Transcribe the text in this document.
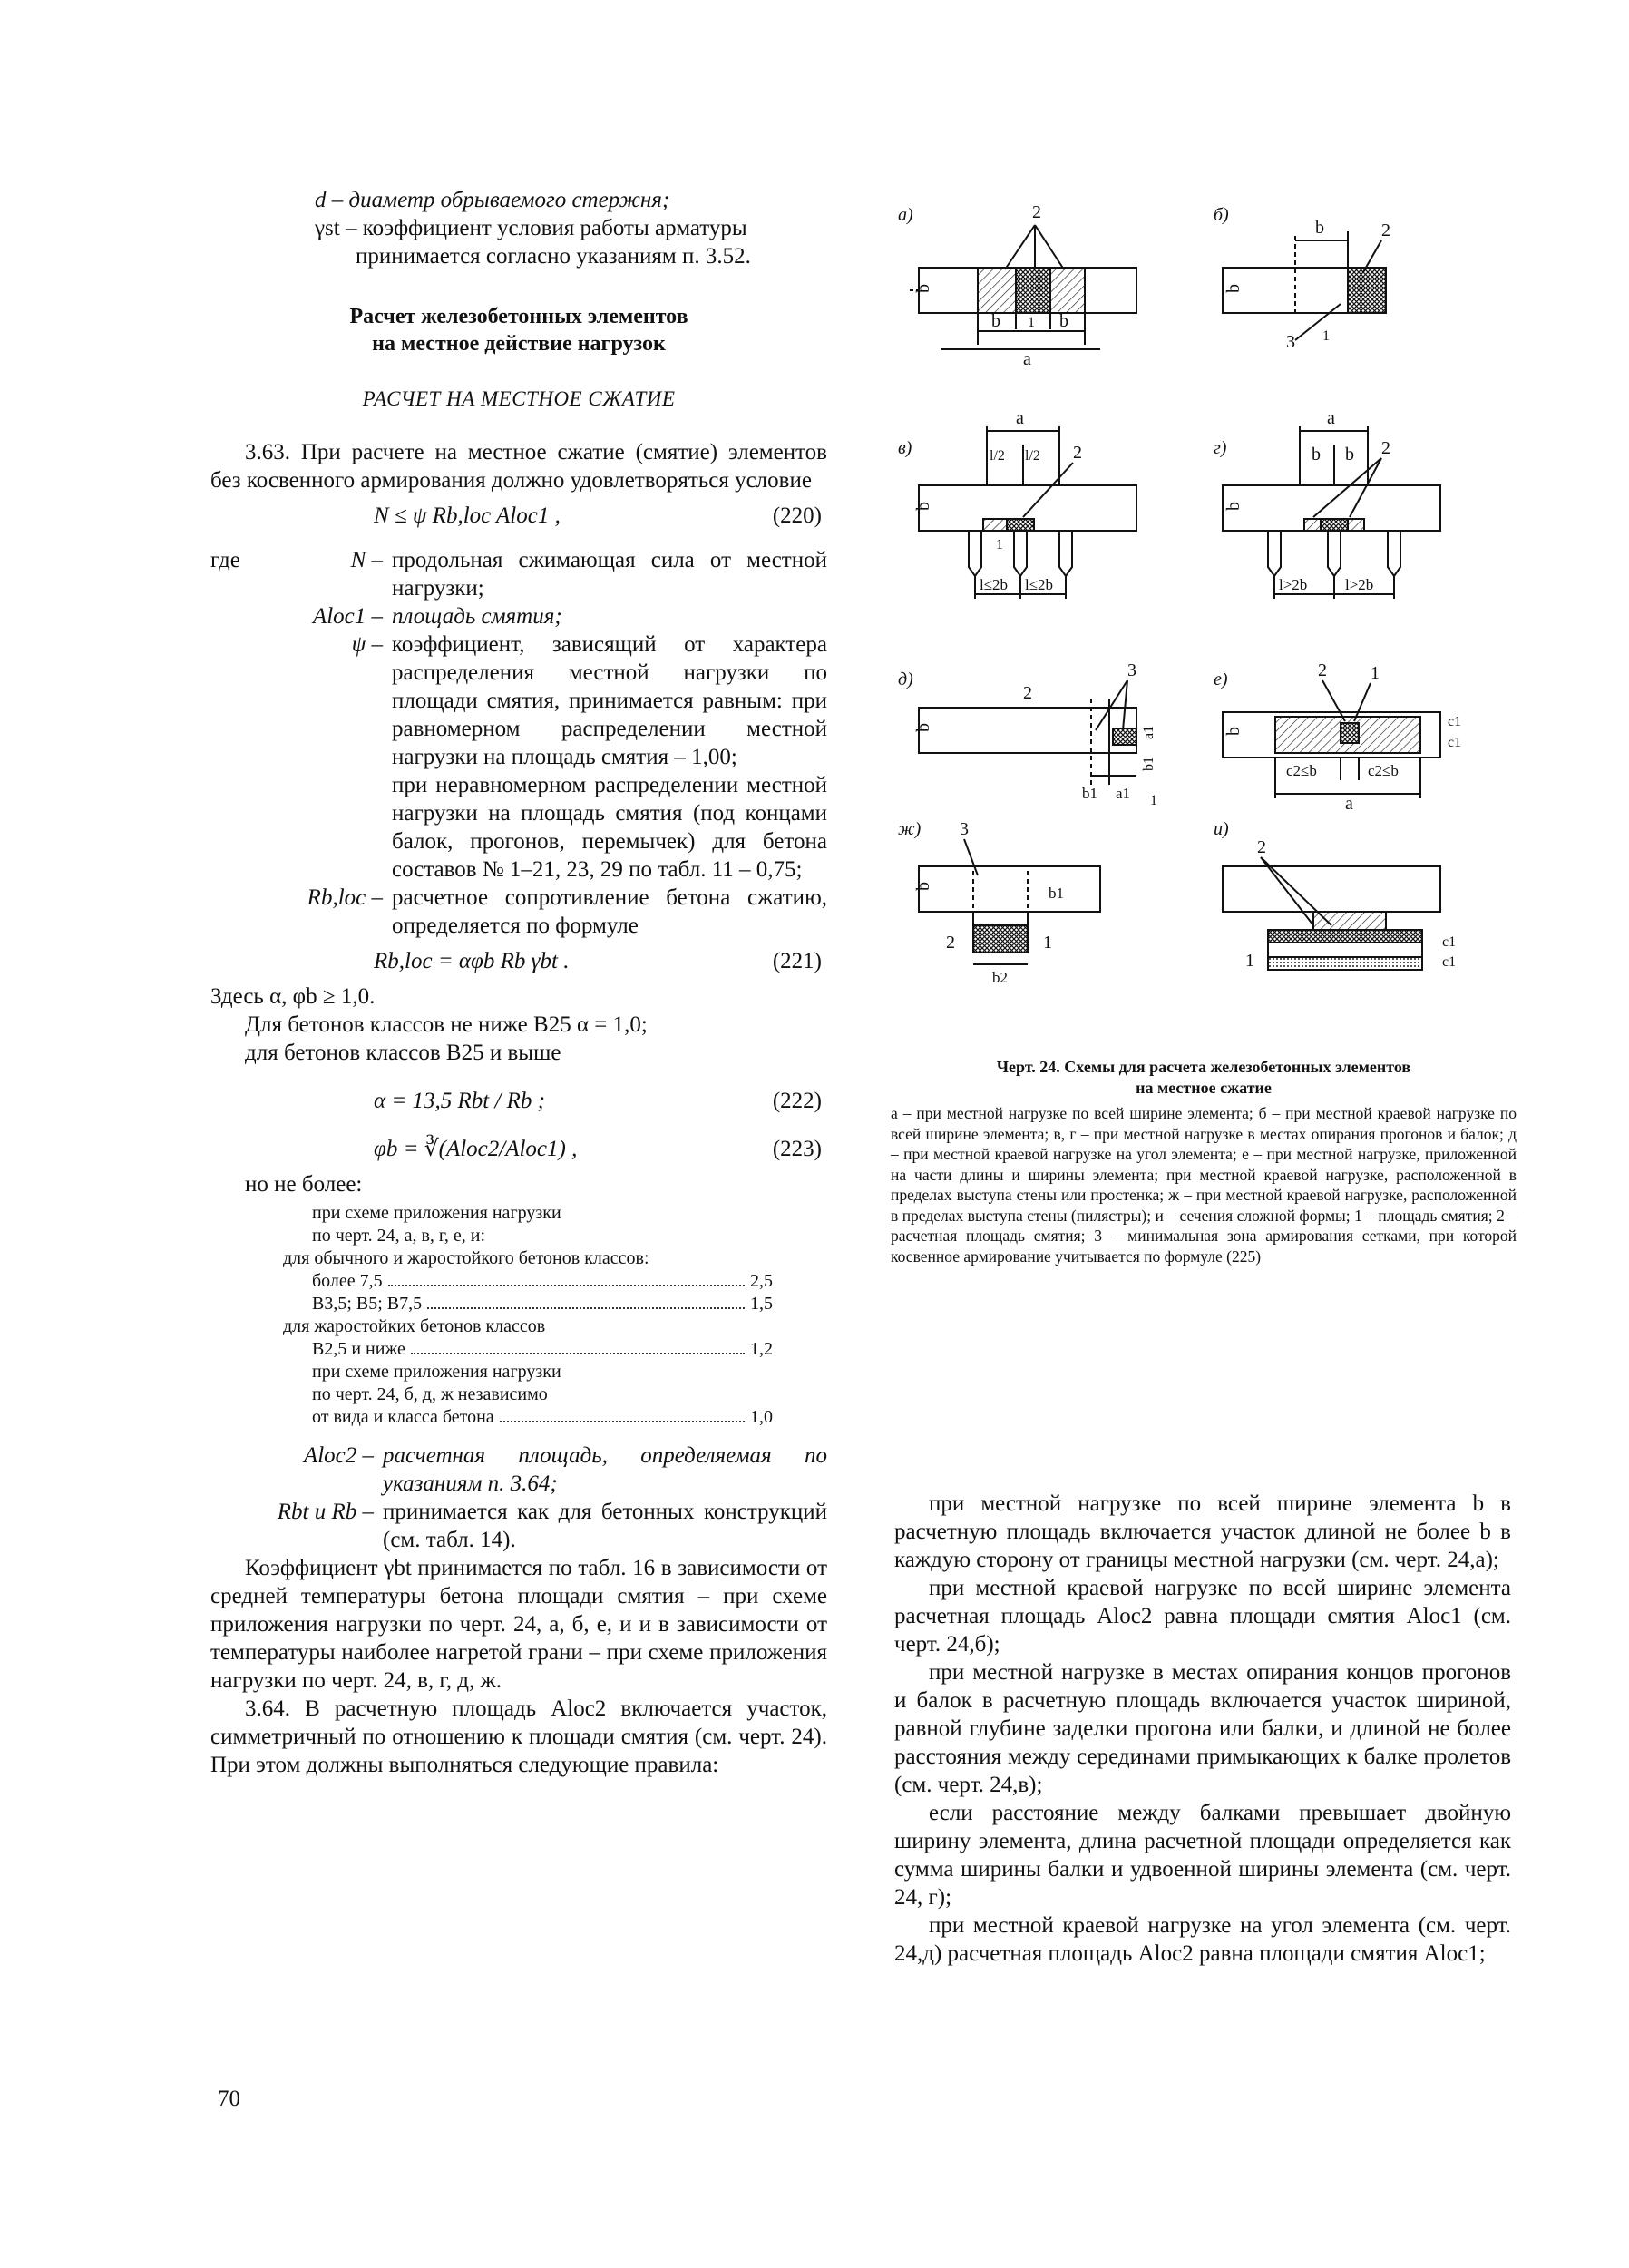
d – диаметр обрываемого стержня;

γst – коэффициент условия работы арматуры

принимается согласно указаниям п. 3.52.

Расчет железобетонных элементов
на местное действие нагрузок

РАСЧЕТ НА МЕСТНОЕ СЖАТИЕ

3.63. При расчете на местное сжатие (смятие) элементов без косвенного армирования должно удовлетворяться условие

N ≤ ψ Rb,loc Aloc1 ,	(220)
где	N – продольная сжимающая сила от местной нагрузки;
Aloc1 – площадь смятия;
ψ – коэффициент, зависящий от характера распределения местной нагрузки по площади смятия, принимается равным: при равномерном распределении местной нагрузки на площадь смятия – 1,00;
при неравномерном распределении местной нагрузки на площадь смятия (под концами балок, прогонов, перемычек) для бетона составов № 1–21, 23, 29 по табл. 11 – 0,75;
Rb,loc – расчетное сопротивление бетона сжатию, определяется по формуле
Rb,loc = αφb Rb γbt .	(221)

Здесь α, φb ≥ 1,0.

Для бетонов классов не ниже В25 α = 1,0;

для бетонов классов В25 и выше

α = 13,5 Rbt / Rb ;	(222)
φb = ∛(Aloc2/Aloc1) ,	(223)

но не более:

при схеме приложения нагрузки

по черт. 24, а, в, г, е, и:

для обычного и жаростойкого бетонов классов:

более 7,5	2,5
В3,5; В5; В7,5	1,5

для жаростойких бетонов классов

В2,5 и ниже	1,2

при схеме приложения нагрузки

по черт. 24, б, д, ж независимо

от вида и класса бетона	1,0
Aloc2 – расчетная площадь, определяемая по указаниям п. 3.64;
Rbt и Rb – принимается как для бетонных конструкций (см. табл. 14).

Коэффициент γbt принимается по табл. 16 в зависимости от средней температуры бетона площади смятия – при схеме приложения нагрузки по черт. 24, а, б, е, и и в зависимости от температуры наиболее нагретой грани – при схеме приложения нагрузки по черт. 24, в, г, д, ж.

3.64. В расчетную площадь Aloc2 включается участок, симметричный по отношению к площади смятия (см. черт. 24). При этом должны выполняться следующие правила:

а)
b	b
1
a
2
b
б)
b	2
3 1
b
в)
a
l/2 l/2 2
l≤2b l≤2b
1
b
г)
a
b b 2
l>2b l>2b
b
д)
2
3
b1 a1
a1
b1
1
b
е)	2 1
c2≤b	c2≤b
a
c1
c1
b
ж) 3
2	1
b2
b1
b
и)
2
1
c1
c1
Черт. 24. Схемы для расчета железобетонных элементов
на местное сжатие

а – при местной нагрузке по всей ширине элемента; б – при местной краевой нагрузке по всей ширине элемента; в, г – при местной нагрузке в местах опирания прогонов и балок; д – при местной краевой нагрузке на угол элемента; е – при местной нагрузке, приложенной на части длины и ширины элемента; при местной краевой нагрузке, расположенной в пределах выступа стены или простенка; ж – при местной краевой нагрузке, расположенной в пределах выступа стены (пилястры); и – сечения сложной формы; 1 – площадь смятия; 2 – расчетная площадь смятия; 3 – минимальная зона армирования сетками, при которой косвенное армирование учитывается по формуле (225)

при местной нагрузке по всей ширине элемента b в расчетную площадь включается участок длиной не более b в каждую сторону от границы местной нагрузки (см. черт. 24,а);

при местной краевой нагрузке по всей ширине элемента расчетная площадь Aloc2 равна площади смятия Aloc1 (см. черт. 24,б);

при местной нагрузке в местах опирания концов прогонов и балок в расчетную площадь включается участок шириной, равной глубине заделки прогона или балки, и длиной не более расстояния между серединами примыкающих к балке пролетов (см. черт. 24,в);

если расстояние между балками превышает двойную ширину элемента, длина расчетной площади определяется как сумма ширины балки и удвоенной ширины элемента (см. черт. 24, г);

при местной краевой нагрузке на угол элемента (см. черт. 24,д) расчетная площадь Aloc2 равна площади смятия Aloc1;

70
